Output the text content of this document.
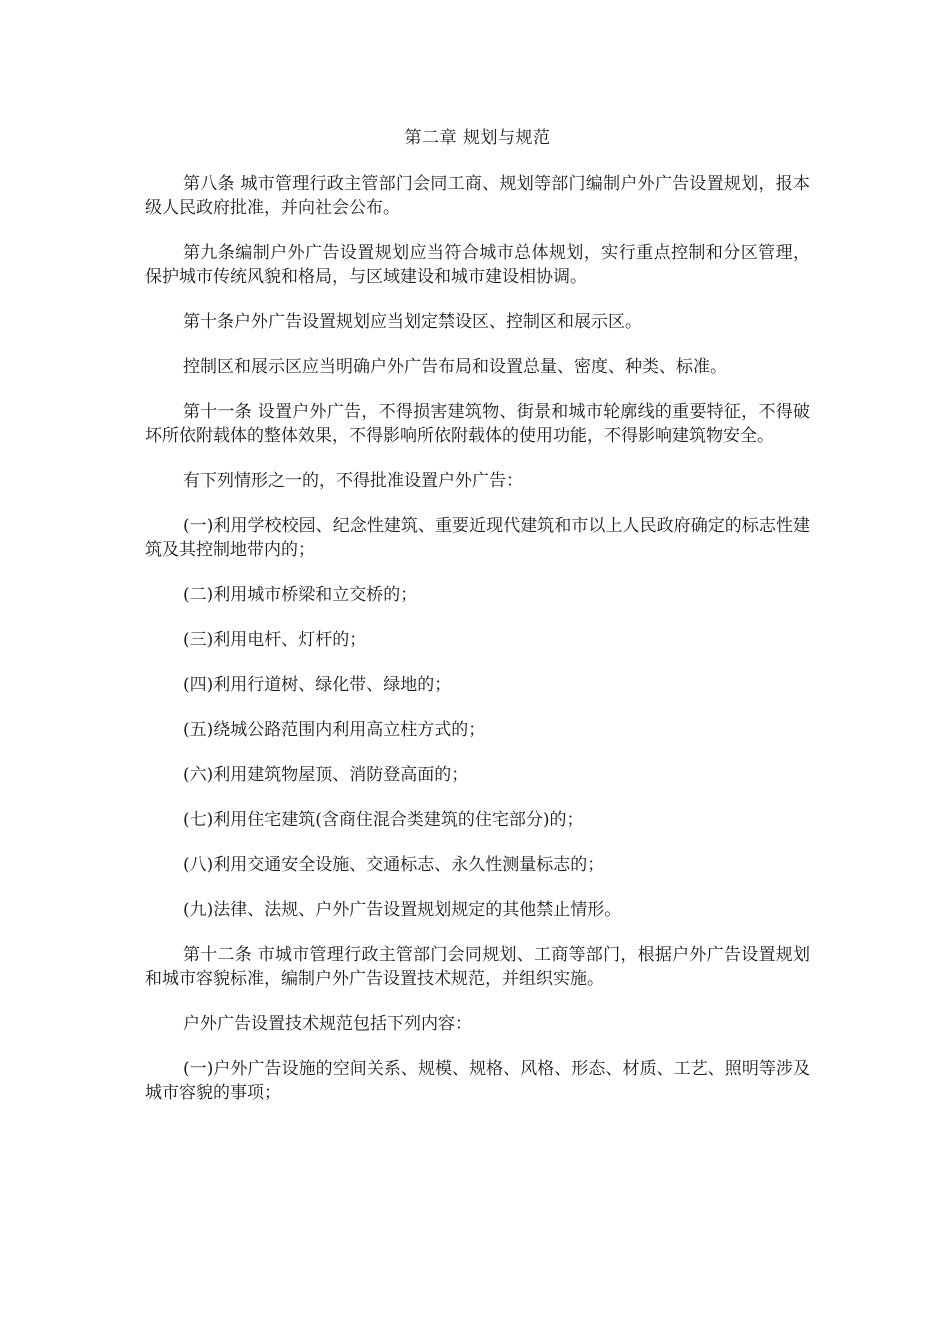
第二章 规划与规范

第八条 城市管理行政主管部门会同工商、规划等部门编制户外广告设置规划，报本级人民政府批准，并向社会公布。

第九条编制户外广告设置规划应当符合城市总体规划，实行重点控制和分区管理，保护城市传统风貌和格局，与区域建设和城市建设相协调。

第十条户外广告设置规划应当划定禁设区、控制区和展示区。

控制区和展示区应当明确户外广告布局和设置总量、密度、种类、标准。

第十一条 设置户外广告，不得损害建筑物、街景和城市轮廓线的重要特征，不得破坏所依附载体的整体效果，不得影响所依附载体的使用功能，不得影响建筑物安全。

有下列情形之一的，不得批准设置户外广告：

(一)利用学校校园、纪念性建筑、重要近现代建筑和市以上人民政府确定的标志性建筑及其控制地带内的；

(二)利用城市桥梁和立交桥的；

(三)利用电杆、灯杆的；

(四)利用行道树、绿化带、绿地的；

(五)绕城公路范围内利用高立柱方式的；

(六)利用建筑物屋顶、消防登高面的；

(七)利用住宅建筑(含商住混合类建筑的住宅部分)的；

(八)利用交通安全设施、交通标志、永久性测量标志的；

(九)法律、法规、户外广告设置规划规定的其他禁止情形。

第十二条 市城市管理行政主管部门会同规划、工商等部门，根据户外广告设置规划和城市容貌标准，编制户外广告设置技术规范，并组织实施。

户外广告设置技术规范包括下列内容：

(一)户外广告设施的空间关系、规模、规格、风格、形态、材质、工艺、照明等涉及城市容貌的事项；
